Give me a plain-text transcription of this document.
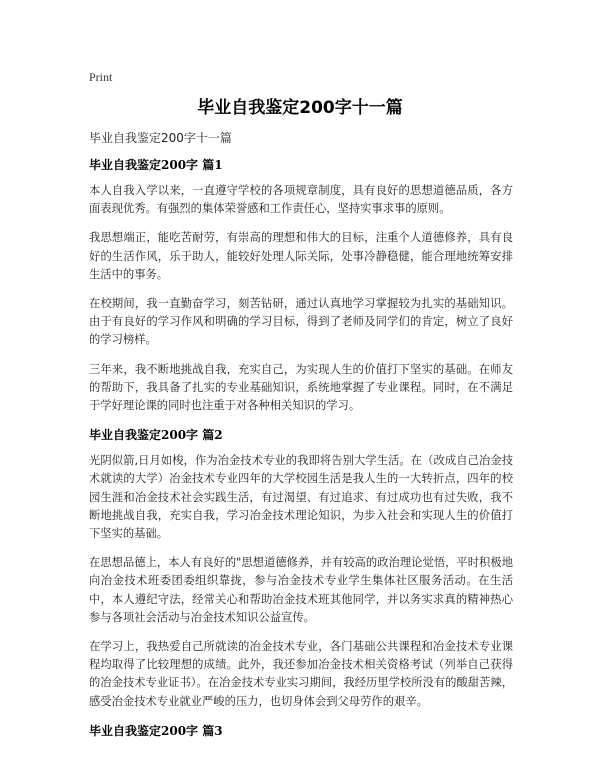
Print
毕业自我鉴定200字十一篇

毕业自我鉴定200字十一篇

毕业自我鉴定200字 篇1

本人自我入学以来，一直遵守学校的各项规章制度，具有良好的思想道德品质，各方面表现优秀。有强烈的集体荣誉感和工作责任心，坚持实事求事的原则。

我思想端正，能吃苦耐劳，有崇高的理想和伟大的目标，注重个人道德修养，具有良好的生活作风，乐于助人，能较好处理人际关际，处事冷静稳健，能合理地统筹安排生活中的事务。

在校期间，我一直勤奋学习，刻苦钻研，通过认真地学习掌握较为扎实的基础知识。由于有良好的学习作风和明确的学习目标，得到了老师及同学们的肯定，树立了良好的学习榜样。

三年来，我不断地挑战自我，充实自己，为实现人生的价值打下坚实的基础。在师友的帮助下，我具备了扎实的专业基础知识，系统地掌握了专业课程。同时，在不满足于学好理论课的同时也注重于对各种相关知识的学习。

毕业自我鉴定200字 篇2

光阴似箭,日月如梭，作为冶金技术专业的我即将告别大学生活。在（改成自己冶金技术就读的大学）冶金技术专业四年的大学校园生活是我人生的一大转折点，四年的校园生涯和冶金技术社会实践生活，有过渴望、有过追求、有过成功也有过失败，我不断地挑战自我，充实自我，学习冶金技术理论知识，为步入社会和实现人生的价值打下坚实的基础。

在思想品德上，本人有良好的"思想道德修养，并有较高的政治理论觉悟，平时积极地向冶金技术班委团委组织靠拢，参与冶金技术专业学生集体社区服务活动。在生活中，本人遵纪守法，经常关心和帮助冶金技术班其他同学，并以务实求真的精神热心参与各项社会活动与冶金技术知识公益宣传。

在学习上，我热爱自己所就读的冶金技术专业，各门基础公共课程和冶金技术专业课程均取得了比较理想的成绩。此外，我还参加冶金技术相关资格考试（列举自己获得的冶金技术专业证书）。在冶金技术专业实习期间，我经历里学校所没有的酸甜苦辣，感受冶金技术专业就业严峻的压力，也切身体会到父母劳作的艰辛。

毕业自我鉴定200字 篇3
